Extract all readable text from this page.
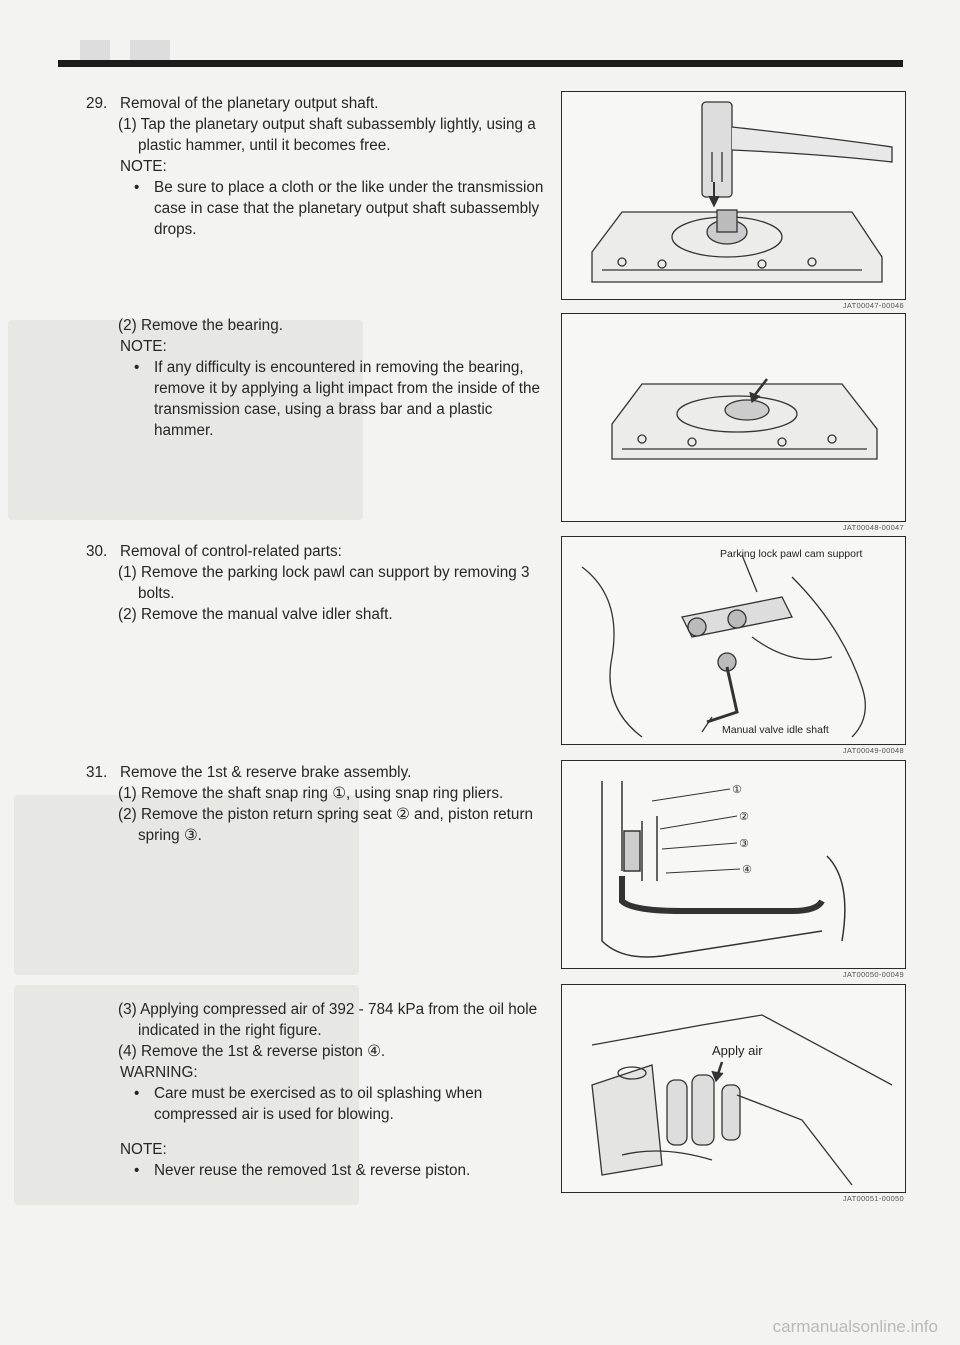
29. Removal of the planetary output shaft.
(1) Tap the planetary output shaft subassembly lightly, using a plastic hammer, until it becomes free.
NOTE:
• Be sure to place a cloth or the like under the transmission case in case that the planetary output shaft subassembly drops.
(2) Remove the bearing.
NOTE:
• If any difficulty is encountered in removing the bearing, remove it by applying a light impact from the inside of the transmission case, using a brass bar and a plastic hammer.
30. Removal of control-related parts:
(1) Remove the parking lock pawl can support by removing 3 bolts.
(2) Remove the manual valve idler shaft.
31. Remove the 1st & reserve brake assembly.
(1) Remove the shaft snap ring ①, using snap ring pliers.
(2) Remove the piston return spring seat ② and, piston return spring ③.
(3) Applying compressed air of 392 - 784 kPa from the oil hole indicated in the right figure.
(4) Remove the 1st & reverse piston ④.
WARNING:
• Care must be exercised as to oil splashing when compressed air is used for blowing.
NOTE:
• Never reuse the removed 1st & reverse piston.
JAT00047-00046
JAT00048-00047
Parking lock pawl cam support
Manual valve idle shaft
JAT00049-00048
①
②
③
④
JAT00050-00049
Apply air
JAT00051-00050
carmanualsonline.info
